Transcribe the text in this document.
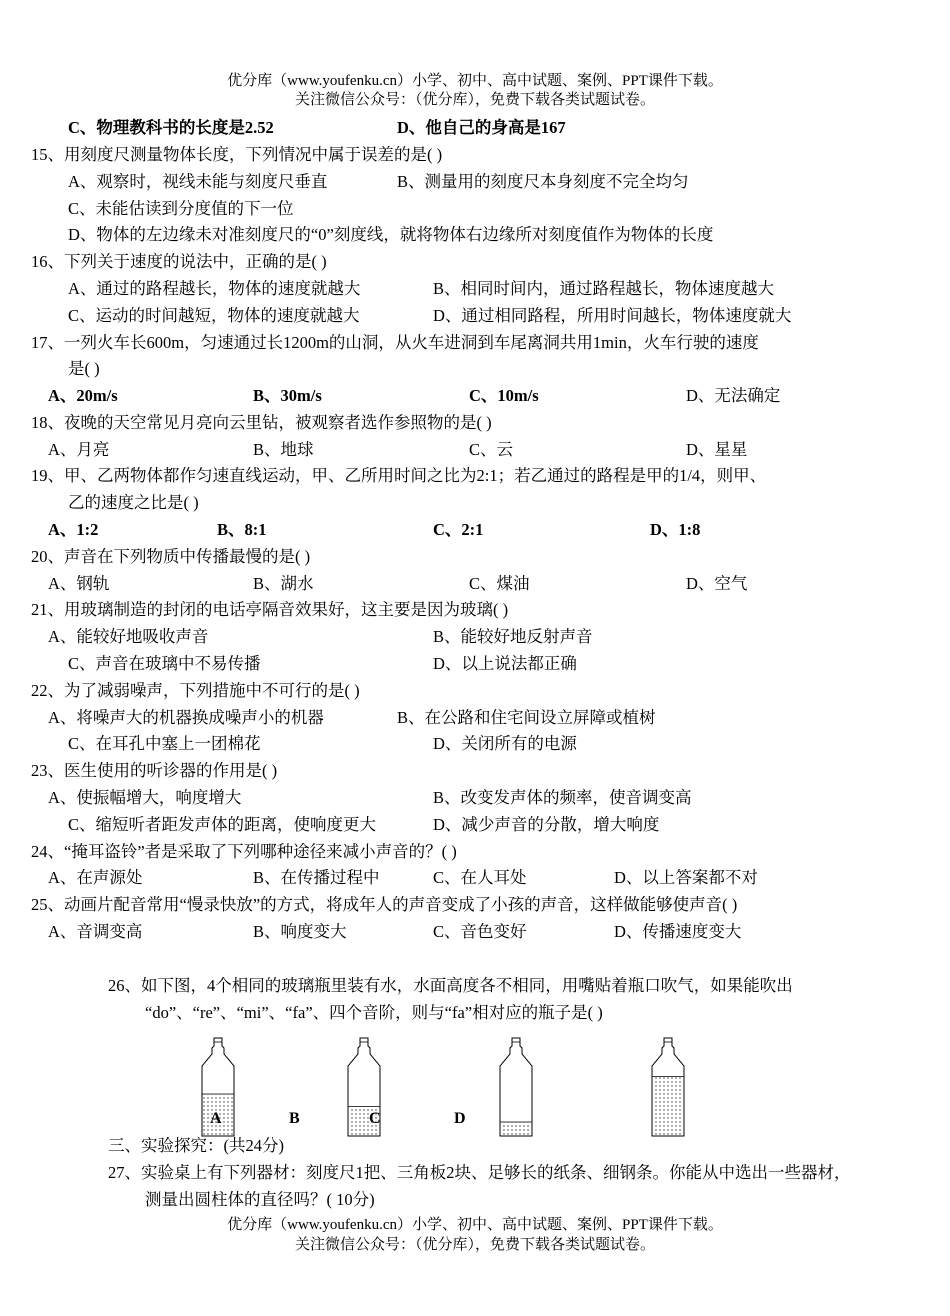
优分库（www.youfenku.cn）小学、初中、高中试题、案例、PPT课件下载。
关注微信公众号：（优分库），免费下载各类试题试卷。
C、物理教科书的长度是2.52	D、他自己的身高是167
15、用刻度尺测量物体长度，下列情况中属于误差的是( )
A、观察时，视线未能与刻度尺垂直	B、测量用的刻度尺本身刻度不完全均匀
C、未能估读到分度值的下一位
D、物体的左边缘未对准刻度尺的“0”刻度线，就将物体右边缘所对刻度值作为物体的长度
16、下列关于速度的说法中，正确的是( )
A、通过的路程越长，物体的速度就越大	B、相同时间内，通过路程越长，物体速度越大
C、运动的时间越短，物体的速度就越大	D、通过相同路程，所用时间越长，物体速度就大
17、一列火车长600m，匀速通过长1200m的山洞，从火车进洞到车尾离洞共用1min，火车行驶的速度
是( )
A、20m/s	B、30m/s	C、10m/s	D、无法确定
18、夜晚的天空常见月亮向云里钻，被观察者选作参照物的是( )
A、月亮	B、地球	C、云	D、星星
19、甲、乙两物体都作匀速直线运动，甲、乙所用时间之比为2:1；若乙通过的路程是甲的1/4，则甲、
乙的速度之比是( )
A、1:2	B、8:1	C、2:1	D、1:8
20、声音在下列物质中传播最慢的是( )
A、钢轨	B、湖水	C、煤油	D、空气
21、用玻璃制造的封闭的电话亭隔音效果好，这主要是因为玻璃( )
A、能较好地吸收声音	B、能较好地反射声音
C、声音在玻璃中不易传播	D、以上说法都正确
22、为了减弱噪声，下列措施中不可行的是( )
A、将噪声大的机器换成噪声小的机器	B、在公路和住宅间设立屏障或植树
C、在耳孔中塞上一团棉花	D、关闭所有的电源
23、医生使用的听诊器的作用是( )
A、使振幅增大，响度增大	B、改变发声体的频率，使音调变高
C、缩短听者距发声体的距离，使响度更大	D、减少声音的分散，增大响度
24、“掩耳盗铃”者是采取了下列哪种途径来减小声音的？( )
A、在声源处	B、在传播过程中	C、在人耳处	D、以上答案都不对
25、动画片配音常用“慢录快放”的方式，将成年人的声音变成了小孩的声音，这样做能够使声音( )
A、音调变高	B、响度变大	C、音色变好	D、传播速度变大
26、如下图，4个相同的玻璃瓶里装有水，水面高度各不相同，用嘴贴着瓶口吹气，如果能吹出
“do”、“re”、“mi”、“fa”、四个音阶，则与“fa”相对应的瓶子是( )
A	B	C	D
三、实验探究：(共24分)
27、实验桌上有下列器材：刻度尺1把、三角板2块、足够长的纸条、细钢条。你能从中选出一些器材，
测量出圆柱体的直径吗？( 10分)
优分库（www.youfenku.cn）小学、初中、高中试题、案例、PPT课件下载。
关注微信公众号：（优分库），免费下载各类试题试卷。
